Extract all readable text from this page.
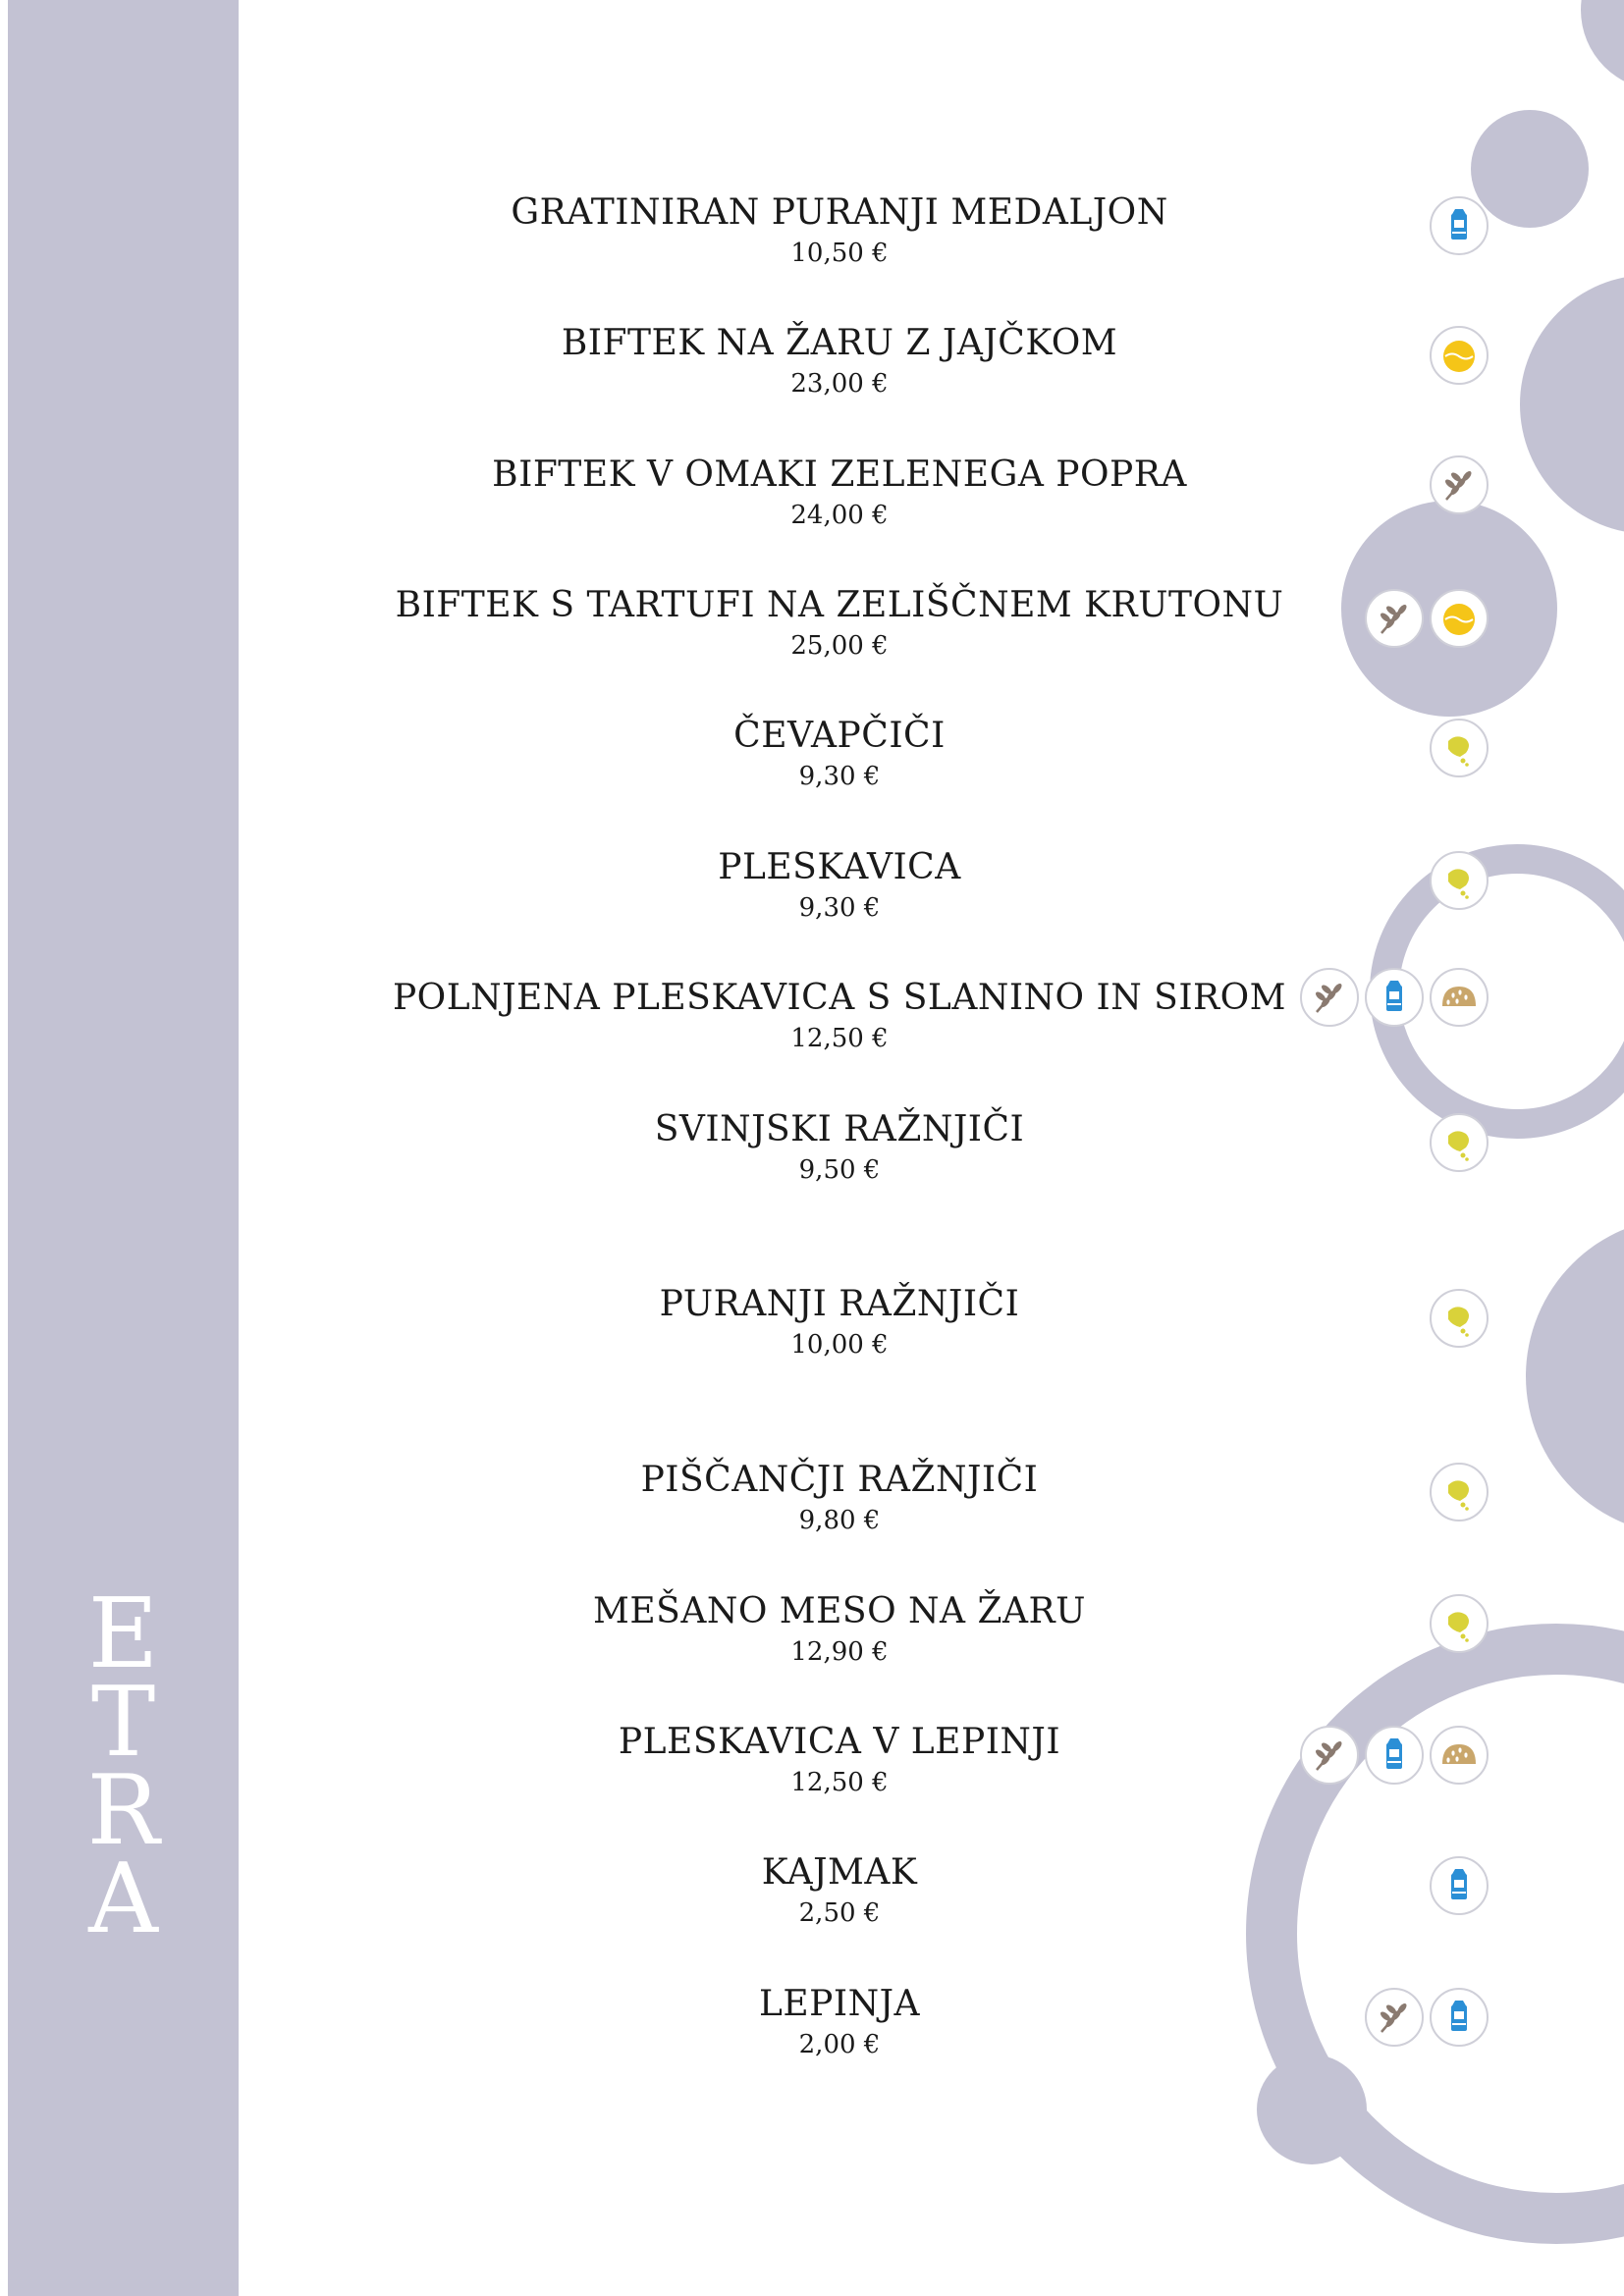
E
T
R
A
GRATINIRAN PURANJI MEDALJON
10,50 €
BIFTEK NA ŽARU Z JAJČKOM
23,00 €
BIFTEK V OMAKI ZELENEGA POPRA
24,00 €
BIFTEK S TARTUFI NA ZELIŠČNEM KRUTONU
25,00 €
ČEVAPČIČI
9,30 €
PLESKAVICA
9,30 €
POLNJENA PLESKAVICA S SLANINO IN SIROM
12,50 €
SVINJSKI RAŽNJIČI
9,50 €
PURANJI RAŽNJIČI
10,00 €
PIŠČANČJI RAŽNJIČI
9,80 €
MEŠANO MESO NA ŽARU
12,90 €
PLESKAVICA V LEPINJI
12,50 €
KAJMAK
2,50 €
LEPINJA
2,00 €
